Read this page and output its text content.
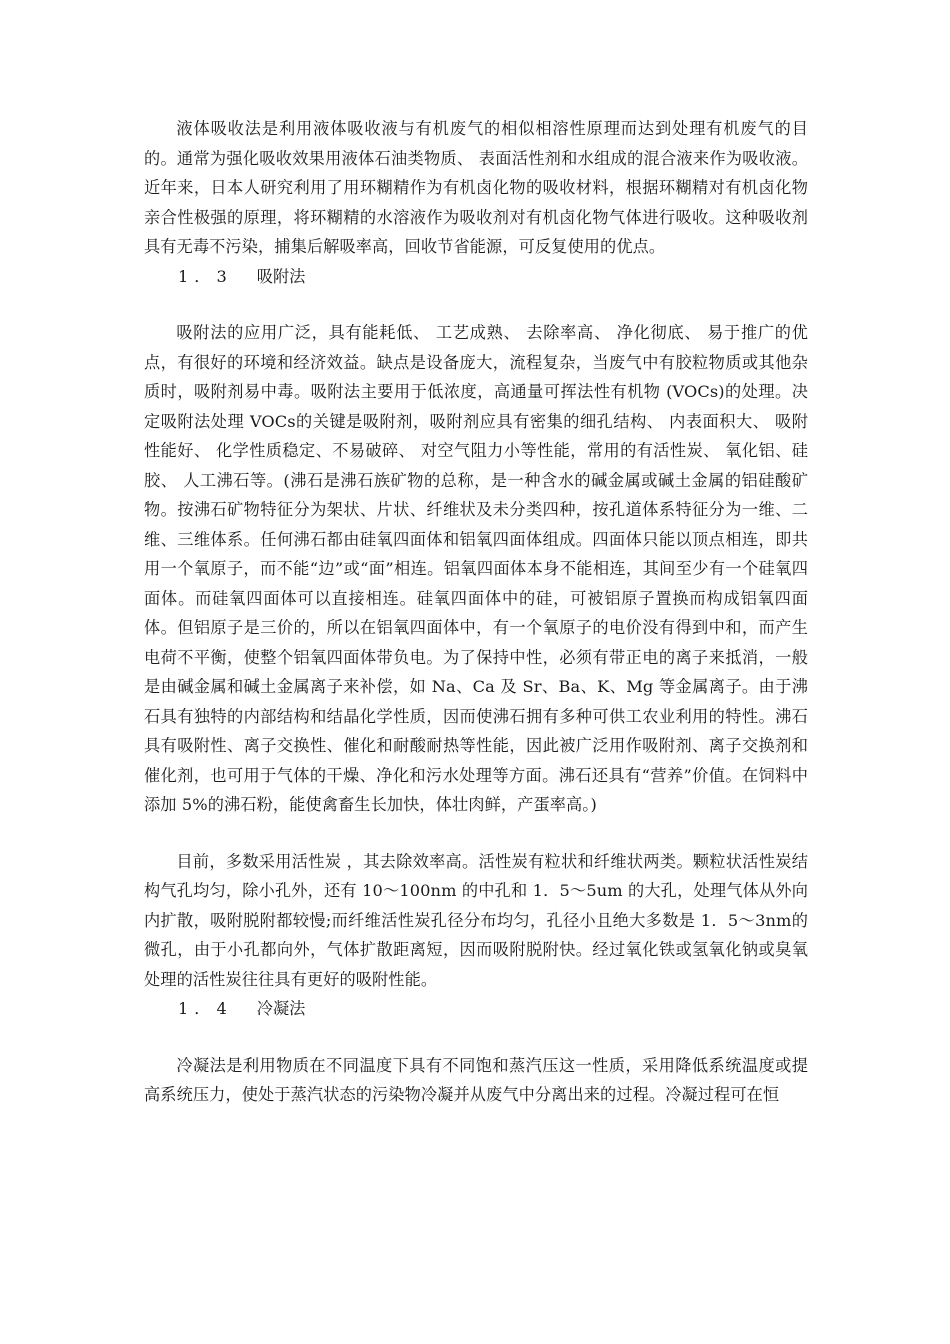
液体吸收法是利用液体吸收液与有机废气的相似相溶性原理而达到处理有机废气的目的。通常为强化吸收效果用液体石油类物质、 表面活性剂和水组成的混合液来作为吸收液。近年来，日本人研究利用了用环糊精作为有机卤化物的吸收材料，根据环糊精对有机卤化物亲合性极强的原理，将环糊精的水溶液作为吸收剂对有机卤化物气体进行吸收。这种吸收剂具有无毒不污染，捕集后解吸率高，回收节省能源，可反复使用的优点。

1．3 吸附法

吸附法的应用广泛，具有能耗低、 工艺成熟、 去除率高、 净化彻底、 易于推广的优点，有很好的环境和经济效益。缺点是设备庞大，流程复杂，当废气中有胶粒物质或其他杂质时，吸附剂易中毒。吸附法主要用于低浓度，高通量可挥法性有机物 (VOCs)的处理。决定吸附法处理 VOCs的关键是吸附剂，吸附剂应具有密集的细孔结构、 内表面积大、 吸附性能好、 化学性质稳定、不易破碎、 对空气阻力小等性能，常用的有活性炭、 氧化铝、硅胶、 人工沸石等。(沸石是沸石族矿物的总称，是一种含水的碱金属或碱土金属的铝硅酸矿物。按沸石矿物特征分为架状、片状、纤维状及未分类四种，按孔道体系特征分为一维、二维、三维体系。任何沸石都由硅氧四面体和铝氧四面体组成。四面体只能以顶点相连，即共用一个氧原子，而不能“边”或“面”相连。铝氧四面体本身不能相连，其间至少有一个硅氧四面体。而硅氧四面体可以直接相连。硅氧四面体中的硅，可被铝原子置换而构成铝氧四面体。但铝原子是三价的，所以在铝氧四面体中，有一个氧原子的电价没有得到中和，而产生电荷不平衡，使整个铝氧四面体带负电。为了保持中性，必须有带正电的离子来抵消，一般是由碱金属和碱土金属离子来补偿，如 Na、Ca 及 Sr、Ba、K、Mg 等金属离子。由于沸石具有独特的内部结构和结晶化学性质，因而使沸石拥有多种可供工农业利用的特性。沸石具有吸附性、离子交换性、催化和耐酸耐热等性能，因此被广泛用作吸附剂、离子交换剂和催化剂，也可用于气体的干燥、净化和污水处理等方面。沸石还具有“营养”价值。在饲料中添加 5%的沸石粉，能使禽畜生长加快，体壮肉鲜，产蛋率高。)

目前，多数采用活性炭 ，其去除效率高。活性炭有粒状和纤维状两类。颗粒状活性炭结构气孔均匀，除小孔外，还有 10～100nm 的中孔和 1．5～5um 的大孔，处理气体从外向内扩散，吸附脱附都较慢;而纤维活性炭孔径分布均匀，孔径小且绝大多数是 1．5～3nm的微孔，由于小孔都向外，气体扩散距离短，因而吸附脱附快。经过氧化铁或氢氧化钠或臭氧处理的活性炭往往具有更好的吸附性能。

1．4 冷凝法

冷凝法是利用物质在不同温度下具有不同饱和蒸汽压这一性质，采用降低系统温度或提高系统压力，使处于蒸汽状态的污染物冷凝并从废气中分离出来的过程。冷凝过程可在恒
